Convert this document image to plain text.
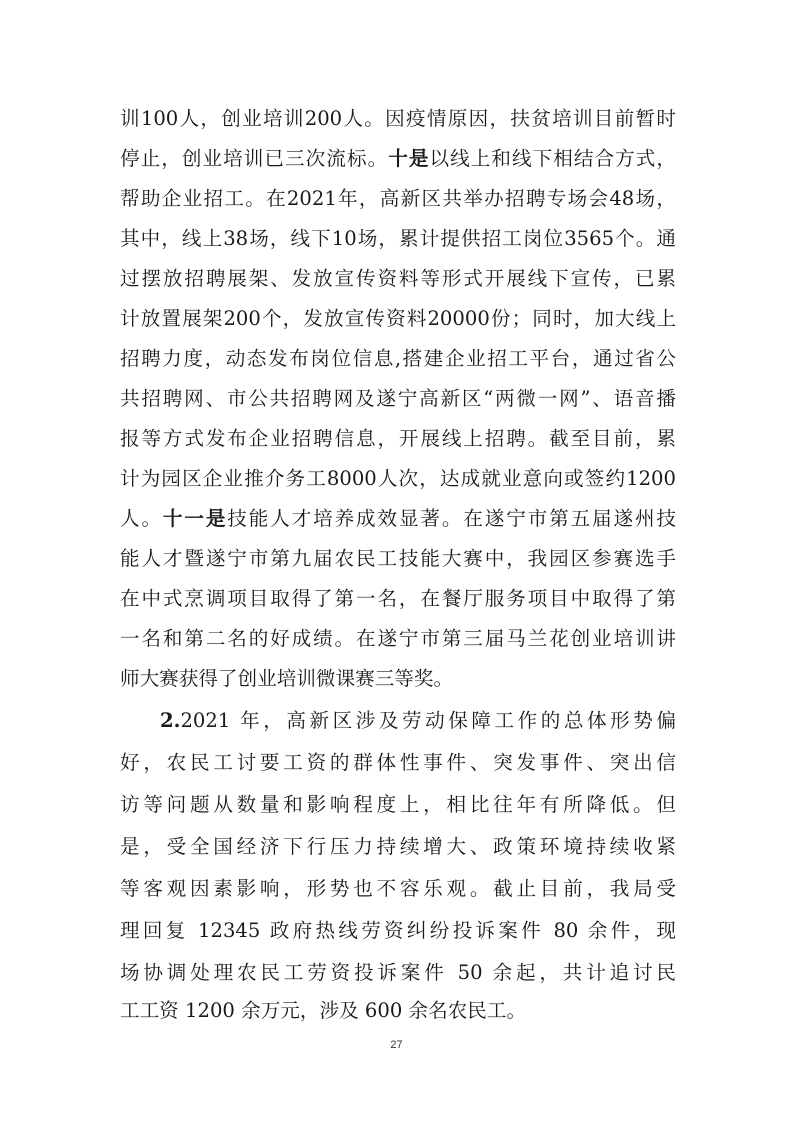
训100人，创业培训200人。因疫情原因，扶贫培训目前暂时
停止，创业培训已三次流标。十是以线上和线下相结合方式，
帮助企业招工。在2021年，高新区共举办招聘专场会48场，
其中，线上38场，线下10场，累计提供招工岗位3565个。通
过摆放招聘展架、发放宣传资料等形式开展线下宣传，已累
计放置展架200个，发放宣传资料20000份；同时，加大线上
招聘力度，动态发布岗位信息,搭建企业招工平台，通过省公
共招聘网、市公共招聘网及遂宁高新区“两微一网”、语音播
报等方式发布企业招聘信息，开展线上招聘。截至目前，累
计为园区企业推介务工8000人次，达成就业意向或签约1200
人。十一是技能人才培养成效显著。在遂宁市第五届遂州技
能人才暨遂宁市第九届农民工技能大赛中，我园区参赛选手
在中式烹调项目取得了第一名，在餐厅服务项目中取得了第
一名和第二名的好成绩。在遂宁市第三届马兰花创业培训讲
师大赛获得了创业培训微课赛三等奖。
2.2021 年，高新区涉及劳动保障工作的总体形势偏
好，农民工讨要工资的群体性事件、突发事件、突出信
访等问题从数量和影响程度上，相比往年有所降低。但
是，受全国经济下行压力持续增大、政策环境持续收紧
等客观因素影响，形势也不容乐观。截止目前，我局受
理回复 12345 政府热线劳资纠纷投诉案件 80 余件，现
场协调处理农民工劳资投诉案件 50 余起，共计追讨民
工工资 1200 余万元，涉及 600 余名农民工。
27
